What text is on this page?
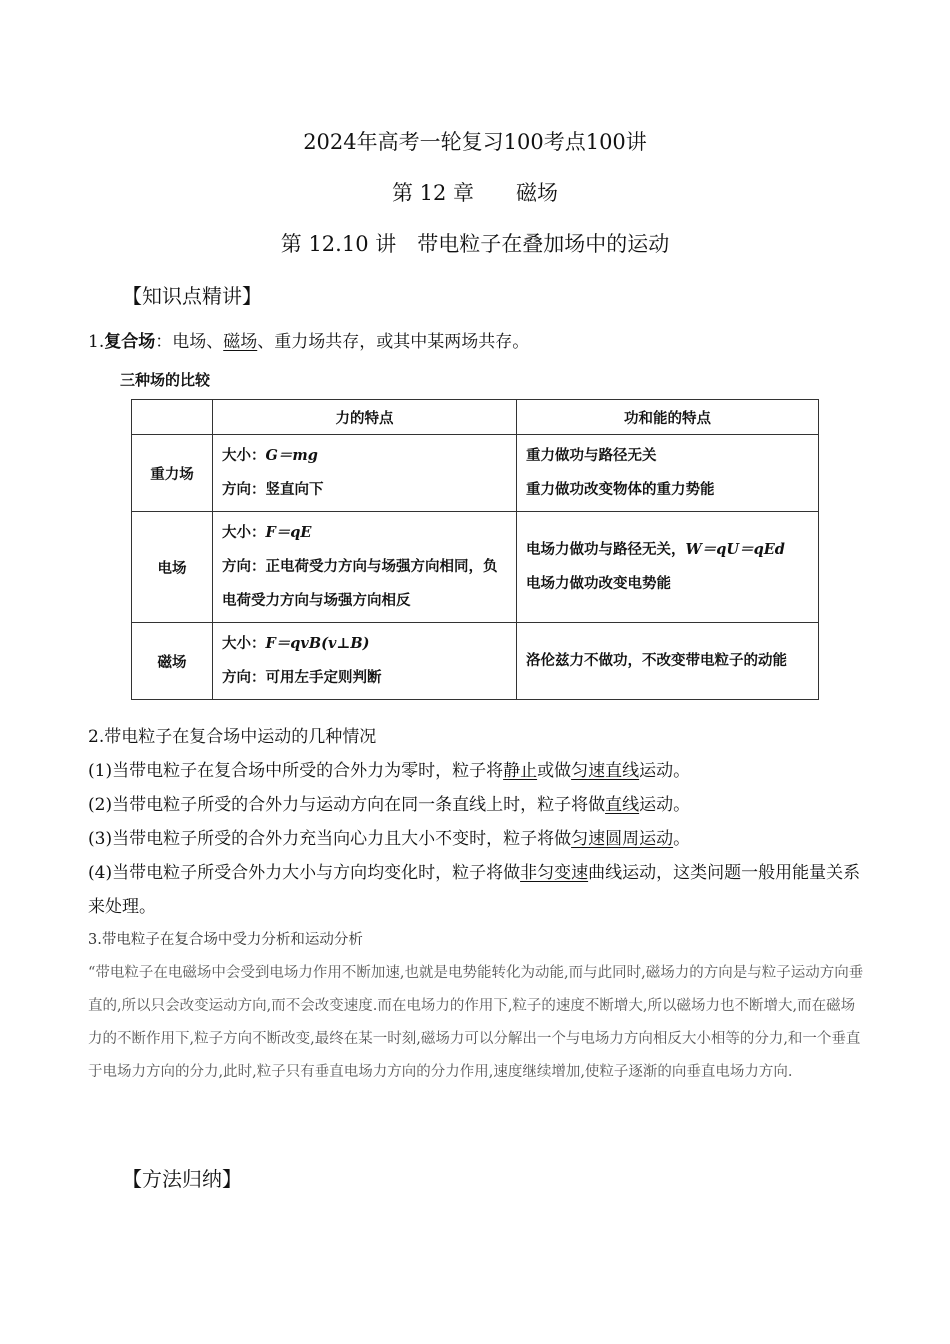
2024年高考一轮复习100考点100讲
第 12 章　　磁场
第 12.10 讲　带电粒子在叠加场中的运动
【知识点精讲】
1.复合场：电场、磁场、重力场共存，或其中某两场共存。
三种场的比较
	力的特点	功和能的特点
重力场	大小：G＝mg
方向：竖直向下	重力做功与路径无关
重力做功改变物体的重力势能

电场	大小：F＝qE
方向：正电荷受力方向与场强方向相同，负电荷受力方向与场强方向相反	电场力做功与路径无关，W＝qU＝qEd
电场力做功改变电势能

磁场	大小：F＝qvB(v⊥B)
方向：可用左手定则判断	洛伦兹力不做功，不改变带电粒子的动能
2.带电粒子在复合场中运动的几种情况
(1)当带电粒子在复合场中所受的合外力为零时，粒子将静止或做匀速直线运动。
(2)当带电粒子所受的合外力与运动方向在同一条直线上时，粒子将做直线运动。
(3)当带电粒子所受的合外力充当向心力且大小不变时，粒子将做匀速圆周运动。
(4)当带电粒子所受合外力大小与方向均变化时，粒子将做非匀变速曲线运动，这类问题一般用能量关系来处理。
3.带电粒子在复合场中受力分析和运动分析
“带电粒子在电磁场中会受到电场力作用不断加速,也就是电势能转化为动能,而与此同时,磁场力的方向是与粒子运动方向垂直的,所以只会改变运动方向,而不会改变速度.而在电场力的作用下,粒子的速度不断增大,所以磁场力也不断增大,而在磁场力的不断作用下,粒子方向不断改变,最终在某一时刻,磁场力可以分解出一个与电场力方向相反大小相等的分力,和一个垂直于电场力方向的分力,此时,粒子只有垂直电场力方向的分力作用,速度继续增加,使粒子逐渐的向垂直电场力方向.
【方法归纳】
